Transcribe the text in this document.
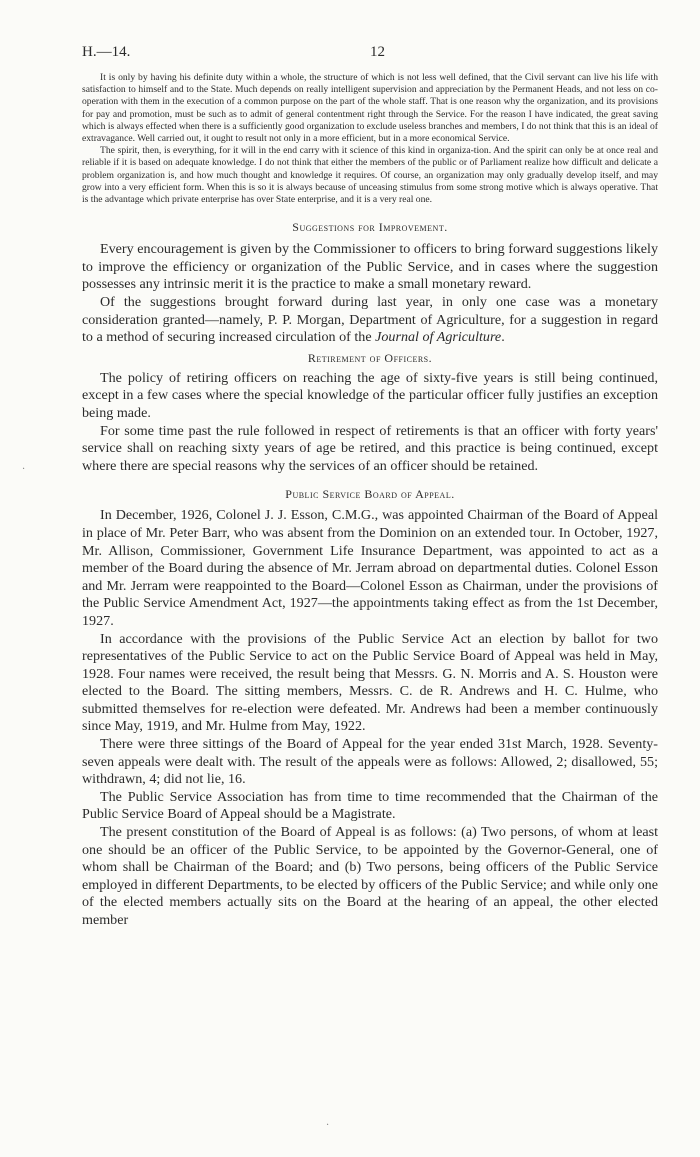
H.—14.	12

It is only by having his definite duty within a whole, the structure of which is not less well defined, that the Civil servant can live his life with satisfaction to himself and to the State. Much depends on really intelligent supervision and appreciation by the Permanent Heads, and not less on co-operation with them in the execution of a common purpose on the part of the whole staff. That is one reason why the organization, and its provisions for pay and promotion, must be such as to admit of general contentment right through the Service. For the reason I have indicated, the great saving which is always effected when there is a sufficiently good organization to exclude useless branches and members, I do not think that this is an ideal of extravagance. Well carried out, it ought to result not only in a more efficient, but in a more economical Service.

The spirit, then, is everything, for it will in the end carry with it science of this kind in organiza-tion. And the spirit can only be at once real and reliable if it is based on adequate knowledge. I do not think that either the members of the public or of Parliament realize how difficult and delicate a problem organization is, and how much thought and knowledge it requires. Of course, an organization may only gradually develop itself, and may grow into a very efficient form. When this is so it is always because of unceasing stimulus from some strong motive which is always operative. That is the advantage which private enterprise has over State enterprise, and it is a very real one.

Suggestions for Improvement.

Every encouragement is given by the Commissioner to officers to bring forward suggestions likely to improve the efficiency or organization of the Public Service, and in cases where the suggestion possesses any intrinsic merit it is the practice to make a small monetary reward.

Of the suggestions brought forward during last year, in only one case was a monetary consideration granted—namely, P. P. Morgan, Department of Agriculture, for a suggestion in regard to a method of securing increased circulation of the Journal of Agriculture.

Retirement of Officers.

The policy of retiring officers on reaching the age of sixty-five years is still being continued, except in a few cases where the special knowledge of the particular officer fully justifies an exception being made.

For some time past the rule followed in respect of retirements is that an officer with forty years' service shall on reaching sixty years of age be retired, and this practice is being continued, except where there are special reasons why the services of an officer should be retained.

Public Service Board of Appeal.

In December, 1926, Colonel J. J. Esson, C.M.G., was appointed Chairman of the Board of Appeal in place of Mr. Peter Barr, who was absent from the Dominion on an extended tour. In October, 1927, Mr. Allison, Commissioner, Government Life Insurance Department, was appointed to act as a member of the Board during the absence of Mr. Jerram abroad on departmental duties. Colonel Esson and Mr. Jerram were reappointed to the Board—Colonel Esson as Chairman, under the provisions of the Public Service Amendment Act, 1927—the appointments taking effect as from the 1st December, 1927.

In accordance with the provisions of the Public Service Act an election by ballot for two representatives of the Public Service to act on the Public Service Board of Appeal was held in May, 1928. Four names were received, the result being that Messrs. G. N. Morris and A. S. Houston were elected to the Board. The sitting members, Messrs. C. de R. Andrews and H. C. Hulme, who submitted themselves for re-election were defeated. Mr. Andrews had been a member continuously since May, 1919, and Mr. Hulme from May, 1922.

There were three sittings of the Board of Appeal for the year ended 31st March, 1928. Seventy-seven appeals were dealt with. The result of the appeals were as follows: Allowed, 2; disallowed, 55; withdrawn, 4; did not lie, 16.

The Public Service Association has from time to time recommended that the Chairman of the Public Service Board of Appeal should be a Magistrate.

The present constitution of the Board of Appeal is as follows: (a) Two persons, of whom at least one should be an officer of the Public Service, to be appointed by the Governor-General, one of whom shall be Chairman of the Board; and (b) Two persons, being officers of the Public Service employed in different Departments, to be elected by officers of the Public Service; and while only one of the elected members actually sits on the Board at the hearing of an appeal, the other elected member

·
·
